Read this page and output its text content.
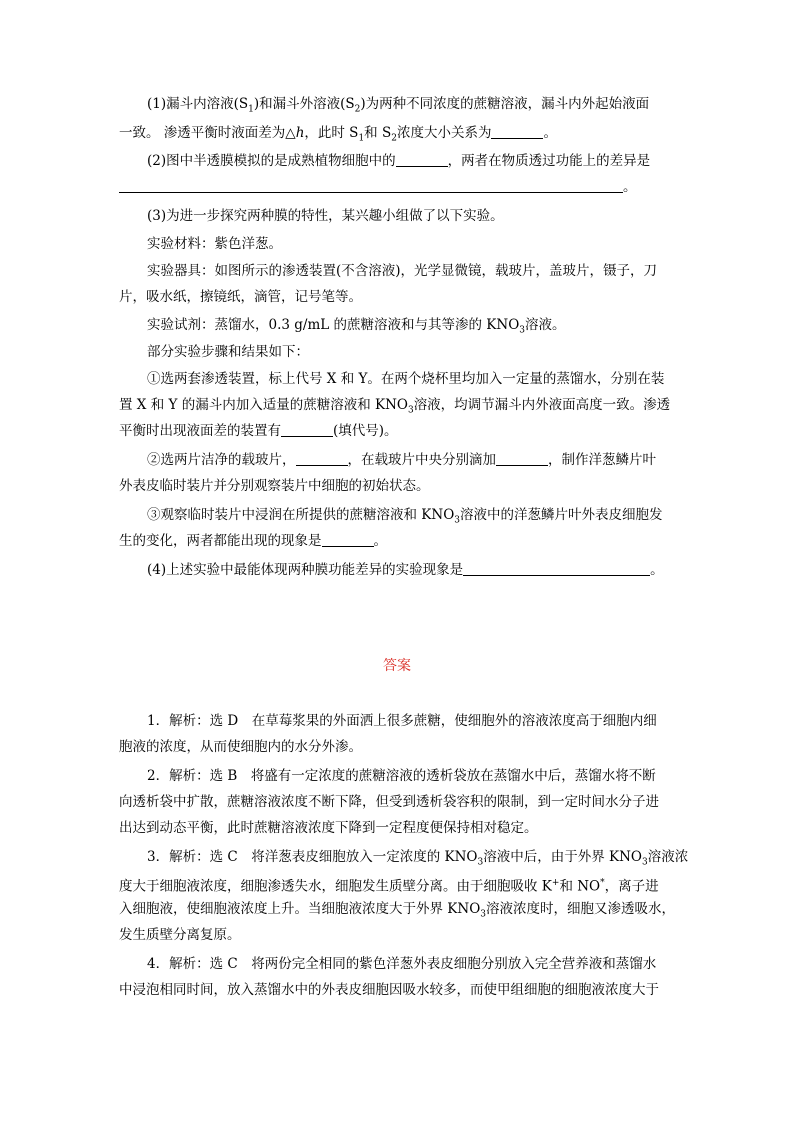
(1)漏斗内溶液$(S_1)$和漏斗外溶液$(S_2)$为两种不同浓度的蔗糖溶液，漏斗内外起始液面
一致。 渗透平衡时液面差为△h，此时 $S_1$和 $S_2$浓度大小关系为	。
(2)图中半透膜模拟的是成熟植物细胞中的	，两者在物质透过功能上的差异是
。
(3)为进一步探究两种膜的特性，某兴趣小组做了以下实验。
实验材料：紫色洋葱。
实验器具：如图所示的渗透装置(不含溶液)，光学显微镜，载玻片，盖玻片，镊子，刀
片，吸水纸，擦镜纸，滴管，记号笔等。
实验试剂：蒸馏水，0.3 g/mL 的蔗糖溶液和与其等渗的 $KNO_3$溶液。
部分实验步骤和结果如下：
①选两套渗透装置，标上代号 X 和 Y。在两个烧杯里均加入一定量的蒸馏水，分别在装
置 X 和 Y 的漏斗内加入适量的蔗糖溶液和 $KNO_3$溶液，均调节漏斗内外液面高度一致。渗透
平衡时出现液面差的装置有	(填代号)。
②选两片洁净的载玻片，	，在载玻片中央分别滴加	，制作洋葱鳞片叶
外表皮临时装片并分别观察装片中细胞的初始状态。
③观察临时装片中浸润在所提供的蔗糖溶液和 $KNO_3$溶液中的洋葱鳞片叶外表皮细胞发
生的变化，两者都能出现的现象是	。
(4)上述实验中最能体现两种膜功能差异的实验现象是	。
答案
1．解析：选 D　在草莓浆果的外面洒上很多蔗糖，使细胞外的溶液浓度高于细胞内细
胞液的浓度，从而使细胞内的水分外渗。
2．解析：选 B　将盛有一定浓度的蔗糖溶液的透析袋放在蒸馏水中后，蒸馏水将不断
向透析袋中扩散，蔗糖溶液浓度不断下降，但受到透析袋容积的限制，到一定时间水分子进
出达到动态平衡，此时蔗糖溶液浓度下降到一定程度便保持相对稳定。
3．解析：选 C　将洋葱表皮细胞放入一定浓度的 $KNO_3$溶液中后，由于外界 $KNO_3$溶液浓
度大于细胞液浓度，细胞渗透失水，细胞发生质壁分离。由于细胞吸收 K+和 NO*，离子进
入细胞液，使细胞液浓度上升。当细胞液浓度大于外界 $KNO_3$溶液浓度时，细胞又渗透吸水，
发生质壁分离复原。
4．解析：选 C　将两份完全相同的紫色洋葱外表皮细胞分别放入完全营养液和蒸馏水
中浸泡相同时间，放入蒸馏水中的外表皮细胞因吸水较多，而使甲组细胞的细胞液浓度大于
